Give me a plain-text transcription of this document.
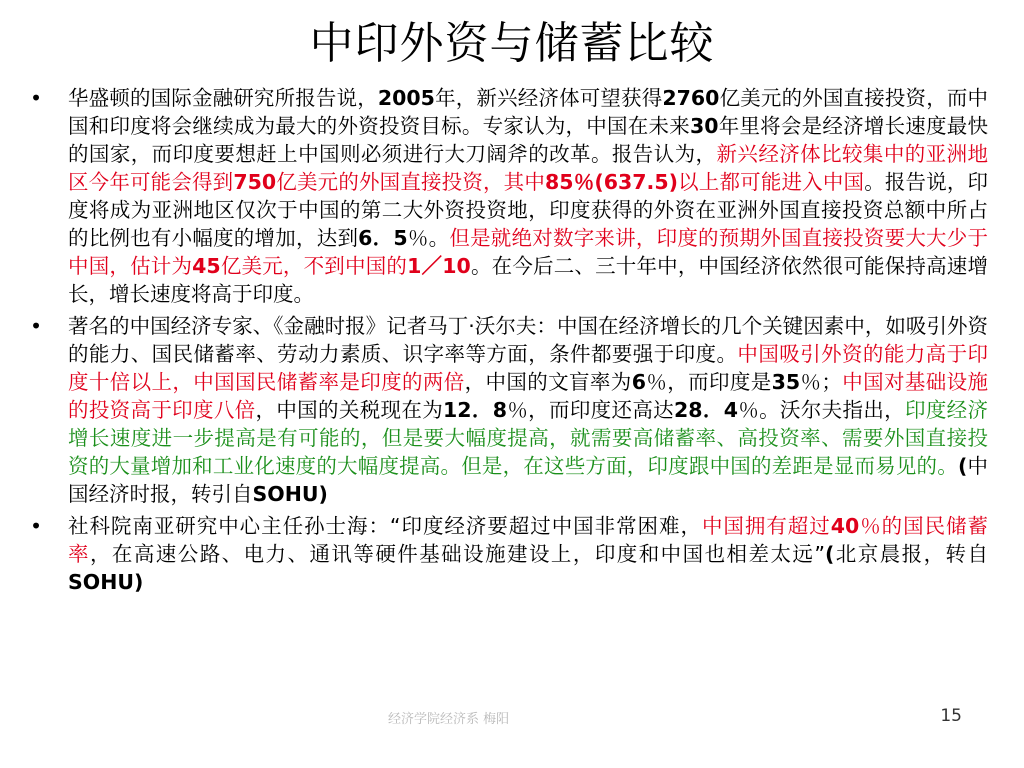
中印外资与储蓄比较

• 华盛顿的国际金融研究所报告说，2005年，新兴经济体可望获得2760亿美元的外国直接投资，而中国和印度将会继续成为最大的外资投资目标。专家认为，中国在未来30年里将会是经济增长速度最快的国家，而印度要想赶上中国则必须进行大刀阔斧的改革。报告认为，新兴经济体比较集中的亚洲地区今年可能会得到750亿美元的外国直接投资，其中85％(637.5)以上都可能进入中国。报告说，印度将成为亚洲地区仅次于中国的第二大外资投资地，印度获得的外资在亚洲外国直接投资总额中所占的比例也有小幅度的增加，达到6．5％。但是就绝对数字来讲，印度的预期外国直接投资要大大少于中国，估计为45亿美元，不到中国的1／10。在今后二、三十年中，中国经济依然很可能保持高速增长，增长速度将高于印度。

• 著名的中国经济专家、《金融时报》记者马丁·沃尔夫：中国在经济增长的几个关键因素中，如吸引外资的能力、国民储蓄率、劳动力素质、识字率等方面，条件都要强于印度。中国吸引外资的能力高于印度十倍以上，中国国民储蓄率是印度的两倍，中国的文盲率为6％，而印度是35％；中国对基础设施的投资高于印度八倍，中国的关税现在为12．8％，而印度还高达28．4％。沃尔夫指出，印度经济增长速度进一步提高是有可能的，但是要大幅度提高，就需要高储蓄率、高投资率、需要外国直接投资的大量增加和工业化速度的大幅度提高。但是，在这些方面，印度跟中国的差距是显而易见的。(中国经济时报，转引自SOHU)

• 社科院南亚研究中心主任孙士海：“印度经济要超过中国非常困难，中国拥有超过40％的国民储蓄率，在高速公路、电力、通讯等硬件基础设施建设上，印度和中国也相差太远”(北京晨报，转自SOHU)

经济学院经济系 梅阳	15
